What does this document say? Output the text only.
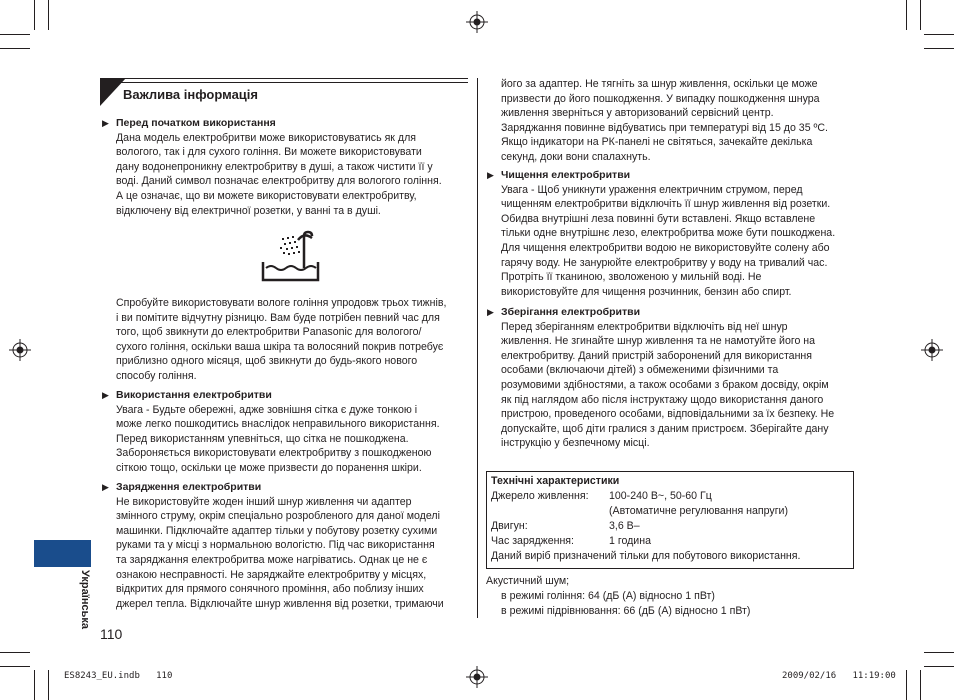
Важлива інформація
▶ Перед початком використання
Дана модель електробритви може використовуватись як для
вологого, так і для сухого гоління. Ви можете використовувати
дану водонепроникну електробритву в душі, а також чистити її у
воді. Даний символ позначає електробритву для вологого гоління.
А це означає, що ви можете використовувати електробритву,
відключену від електричної розетки, у ванні та в душі.
Спробуйте використовувати вологе гоління упродовж трьох тижнів,
і ви помітите відчутну різницю. Вам буде потрібен певний час для
того, щоб звикнути до електробритви Panasonic для вологого/
сухого гоління, оскільки ваша шкіра та волосяний покрив потребує
приблизно одного місяця, щоб звикнути до будь-якого нового
способу гоління.
▶ Використання електробритви
Увага - Будьте обережні, адже зовнішня сітка є дуже тонкою і
може легко пошкодитись внаслідок неправильного використання.
Перед використанням упевніться, що сітка не пошкоджена.
Забороняється використовувати електробритву з пошкодженою
сіткою тощо, оскільки це може призвести до поранення шкіри.
▶ Зарядження електробритви
Не використовуйте жоден інший шнур живлення чи адаптер
змінного струму, окрім спеціально розробленого для даної моделі
машинки. Підключайте адаптер тільки у побутову розетку сухими
руками та у місці з нормальною вологістю. Під час використання
та заряджання електробритва може нагріватись. Однак це не є
ознакою несправності. Не заряджайте електробритву у місцях,
відкритих для прямого сонячного проміння, або поблизу інших
джерел тепла. Відключайте шнур живлення від розетки, тримаючи
його за адаптер. Не тягніть за шнур живлення, оскільки це може
призвести до його пошкодження. У випадку пошкодження шнура
живлення зверніться у авторизований сервісний центр.
Заряджання повинне відбуватись при температурі від 15 до 35 ºC.
Якщо індикатори на РК-панелі не світяться, зачекайте декілька
секунд, доки вони спалахнуть.
▶ Чищення електробритви
Увага - Щоб уникнути ураження електричним струмом, перед
чищенням електробритви відключіть її шнур живлення від розетки.
Обидва внутрішні леза повинні бути вставлені. Якщо вставлене
тільки одне внутрішнє лезо, електробритва може бути пошкоджена.
Для чищення електробритви водою не використовуйте солену або
гарячу воду. Не занурюйте електробритву у воду на тривалий час.
Протріть її тканиною, зволоженою у мильній воді. Не
використовуйте для чищення розчинник, бензин або спирт.
▶ Зберігання електробритви
Перед зберіганням електробритви відключіть від неї шнур
живлення. Не згинайте шнур живлення та не намотуйте його на
електробритву. Даний пристрій заборонений для використання
особами (включаючи дітей) з обмеженими фізичними та
розумовими здібностями, а також особами з браком досвіду, окрім
як під наглядом або після інструктажу щодо використання даного
пристрою, проведеного особами, відповідальними за їх безпеку. Не
допускайте, щоб діти гралися з даним пристроєм. Зберігайте дану
інструкцію у безпечному місці.
Технічні характеристики
Джерело живлення: 100-240 В~, 50-60 Гц
(Автоматичне регулювання напруги)
Двигун:	3,6 В–
Час зарядження:	1 година
Даний виріб призначений тільки для побутового використання.
Акустичний шум;
в режимі гоління: 64 (дБ (A) відносно 1 пВт)
в режимі підрівнювання: 66 (дБ (A) відносно 1 пВт)
Українська
110
ES8243_EU.indb   110	2009/02/16   11:19:00
